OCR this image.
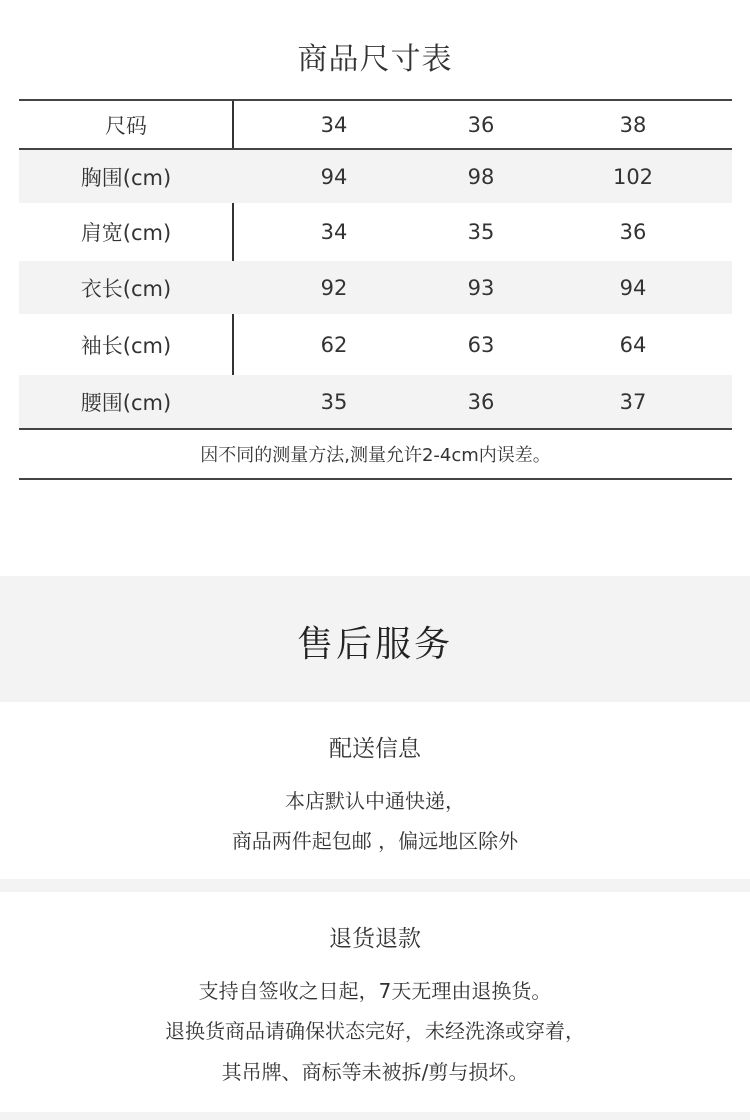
商品尺寸表
尺码	34	36	38
胸围(cm)	94	98	102
肩宽(cm)	34	35	36
衣长(cm)	92	93	94
袖长(cm)	62	63	64
腰围(cm)	35	36	37
因不同的测量方法,测量允许2-4cm内误差。
售后服务
配送信息
本店默认中通快递，
商品两件起包邮 ，偏远地区除外
退货退款
支持自签收之日起，7天无理由退换货。
退换货商品请确保状态完好，未经洗涤或穿着，
其吊牌、商标等未被拆/剪与损坏。
